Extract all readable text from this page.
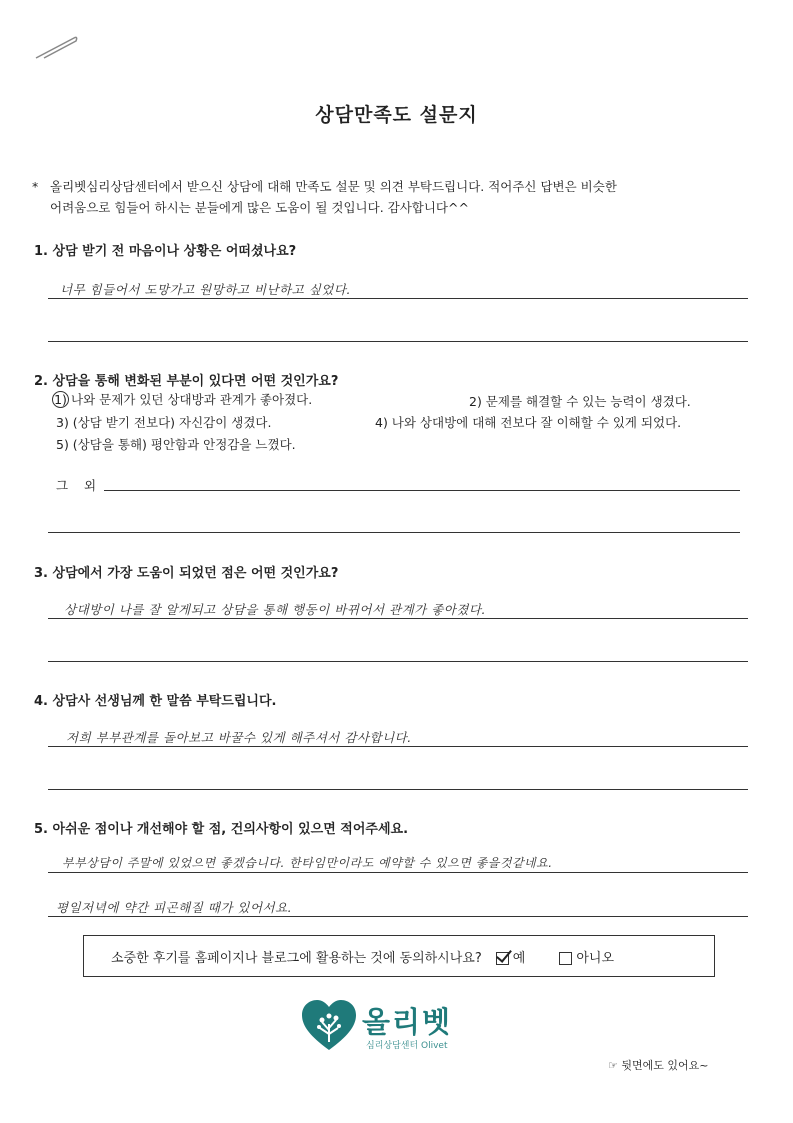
상담만족도 설문지
* 올리벳심리상담센터에서 받으신 상담에 대해 만족도 설문 및 의견 부탁드립니다. 적어주신 답변은 비슷한
어려움으로 힘들어 하시는 분들에게 많은 도움이 될 것입니다. 감사합니다^^
1. 상담 받기 전 마음이나 상황은 어떠셨나요?
너무 힘들어서 도망가고 원망하고 비난하고 싶었다.
2. 상담을 통해 변화된 부분이 있다면 어떤 것인가요?
1) 나와 문제가 있던 상대방과 관계가 좋아졌다.	2) 문제를 해결할 수 있는 능력이 생겼다.
3) (상담 받기 전보다) 자신감이 생겼다.	4) 나와 상대방에 대해 전보다 잘 이해할 수 있게 되었다.
5) (상담을 통해) 평안함과 안정감을 느꼈다.
그 외
3. 상담에서 가장 도움이 되었던 점은 어떤 것인가요?
상대방이 나를 잘 알게되고 상담을 통해 행동이 바뀌어서 관계가 좋아졌다.
4. 상담사 선생님께 한 말씀 부탁드립니다.
저희 부부관계를 돌아보고 바꿀수 있게 해주셔서 감사합니다.
5. 아쉬운 점이나 개선해야 할 점, 건의사항이 있으면 적어주세요.
부부상담이 주말에 있었으면 좋겠습니다. 한타임만이라도 예약할 수 있으면 좋을것같네요.
평일저녁에 약간 피곤해질 때가 있어서요.
소중한 후기를 홈페이지나 블로그에 활용하는 것에 동의하시나요?	예	아니오
올리벳
심리상담센터 Olivet
☞ 뒷면에도 있어요~
